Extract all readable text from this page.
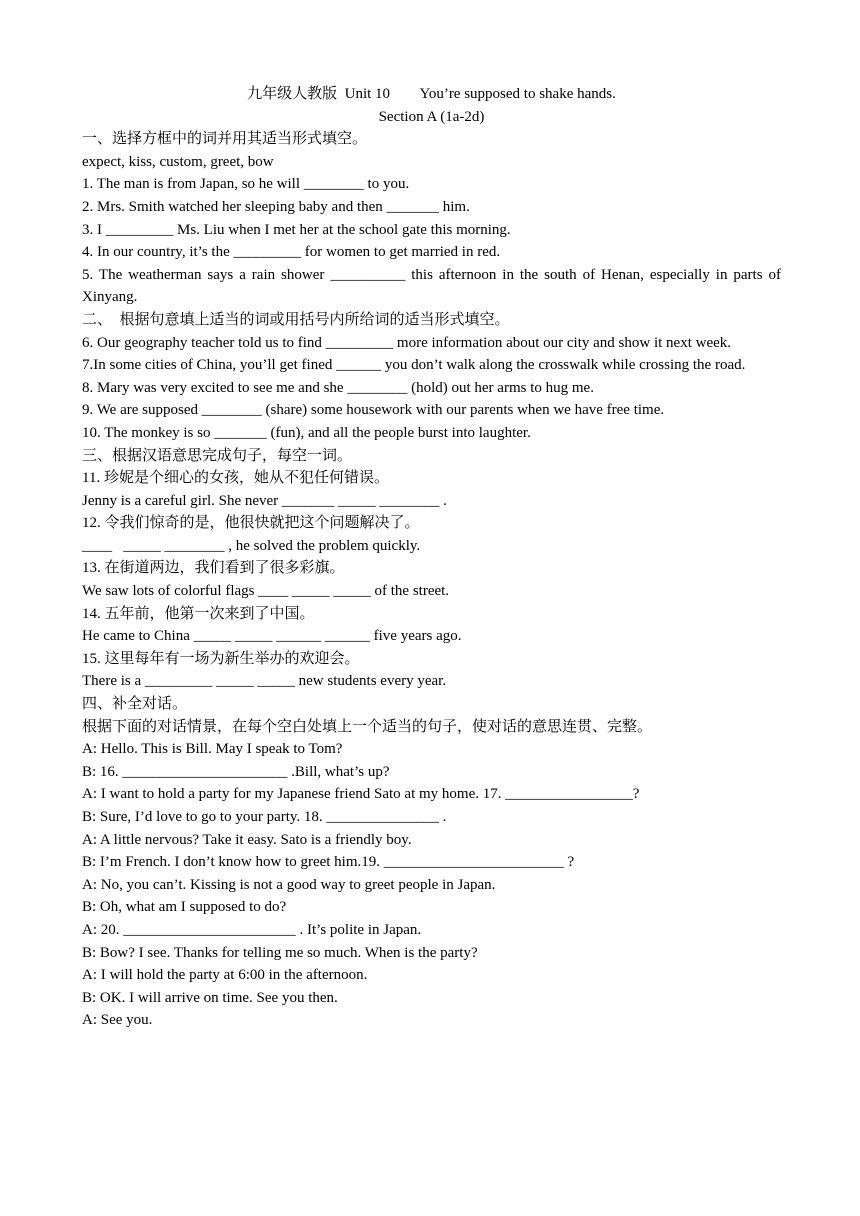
九年级人教版  Unit 10        You’re supposed to shake hands.
Section A (1a-2d)
一、选择方框中的词并用其适当形式填空。
expect, kiss, custom, greet, bow
1. The man is from Japan, so he will ________ to you.
2. Mrs. Smith watched her sleeping baby and then _______ him.
3. I _________ Ms. Liu when I met her at the school gate this morning.
4. In our country, it’s the _________ for women to get married in red.
5. The weatherman says a rain shower __________ this afternoon in the south of Henan, especially in parts of Xinyang.
二、  根据句意填上适当的词或用括号内所给词的适当形式填空。
6. Our geography teacher told us to find _________ more information about our city and show it next week.
7.In some cities of China, you’ll get fined ______ you don’t walk along the crosswalk while crossing the road.
8. Mary was very excited to see me and she ________ (hold) out her arms to hug me.
9. We are supposed ________ (share) some housework with our parents when we have free time.
10. The monkey is so _______ (fun), and all the people burst into laughter.
三、根据汉语意思完成句子，每空一词。
11. 珍妮是个细心的女孩，她从不犯任何错误。
Jenny is a careful girl. She never _______ _____ ________ .
12. 令我们惊奇的是，他很快就把这个问题解决了。
____   _____ ________ , he solved the problem quickly.
13. 在街道两边，我们看到了很多彩旗。
We saw lots of colorful flags ____ _____ _____ of the street.
14. 五年前，他第一次来到了中国。
He came to China _____ _____ ______ ______ five years ago.
15. 这里每年有一场为新生举办的欢迎会。
There is a _________ _____ _____ new students every year.
四、补全对话。
根据下面的对话情景，在每个空白处填上一个适当的句子，使对话的意思连贯、完整。
A: Hello. This is Bill. May I speak to Tom?
B: 16. ______________________ .Bill, what’s up?
A: I want to hold a party for my Japanese friend Sato at my home. 17. _________________?
B: Sure, I’d love to go to your party. 18. _______________ .
A: A little nervous? Take it easy. Sato is a friendly boy.
B: I’m French. I don’t know how to greet him.19. ________________________ ?
A: No, you can’t. Kissing is not a good way to greet people in Japan.
B: Oh, what am I supposed to do?
A: 20. _______________________ . It’s polite in Japan.
B: Bow? I see. Thanks for telling me so much. When is the party?
A: I will hold the party at 6:00 in the afternoon.
B: OK. I will arrive on time. See you then.
A: See you.
